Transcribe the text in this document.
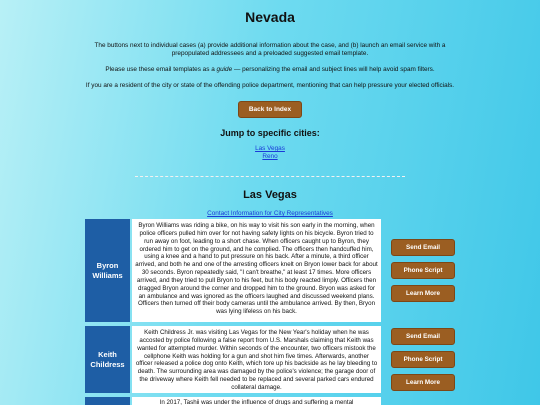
Nevada

The buttons next to individual cases (a) provide additional information about the case, and (b) launch an email service with a prepopulated addressees and a preloaded suggested email template.

Please use these email templates as a guide — personalizing the email and subject lines will help avoid spam filters.

If you are a resident of the city or state of the offending police department, mentioning that can help pressure your elected officials.

Back to Index
Jump to specific cities:
Las Vegas
Reno
Las Vegas
Contact Information for City Representatives
Byron Williams
Byron Williams was riding a bike, on his way to visit his son early in the morning, when police officers pulled him over for not having safety lights on his bicycle. Byron tried to run away on foot, leading to a short chase. When officers caught up to Byron, they ordered him to get on the ground, and he complied. The officers then handcuffed him, using a knee and a hand to put pressure on his back. After a minute, a third officer arrived, and both he and one of the arresting officers knelt on Bryon lower back for about 30 seconds. Byron repeatedly said, "I can't breathe," at least 17 times. More officers arrived, and they tried to pull Bryon to his feet, but his body reacted limply. Officers then dragged Bryon around the corner and dropped him to the ground. Bryon was asked for an ambulance and was ignored as the officers laughed and discussed weekend plans. Officers then turned off their body cameras until the ambulance arrived. By then, Bryon was lying lifeless on his back.
Send Email
Phone Script
Learn More
Keith Childress
Keith Childress Jr. was visiting Las Vegas for the New Year's holiday when he was accosted by police following a false report from U.S. Marshals claiming that Keith was wanted for attempted murder. Within seconds of the encounter, two officers mistook the cellphone Keith was holding for a gun and shot him five times. Afterwards, another officer released a police dog onto Keith, which tore up his backside as he lay bleeding to death. The surrounding area was damaged by the police's violence; the garage door of the driveway where Keith fell needed to be replaced and several parked cars endured collateral damage.
Send Email
Phone Script
Learn More
In 2017, Tashii was under the influence of drugs and suffering a mental
